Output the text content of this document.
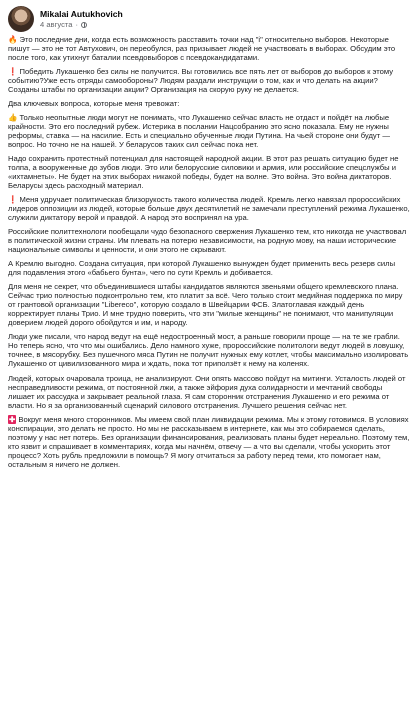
Mikalai Autukhovich
4 августа ·

🔥 Это последние дни, когда есть возможность расставить точки над "і" относительно выборов. Некоторые пишут — это не тот Автухович, он переобулся, раз призывает людей не участвовать в выборах. Обсудим это после того, как утихнут баталии псевдовыборов с псевдокандидатами.

❗ Победить Лукашенко без силы не получится. Вы готовились все пять лет от выборов до выборов к этому событию?Уже есть отряды самообороны? Людям раздали инструкции о том, как и что делать на акции? Созданы штабы по организации акции? Организация на скорую руку не делается.

Два ключевых вопроса, которые меня тревожат:

👍 Только неопытные люди могут не понимать, что Лукашенко сейчас власть не отдаст и пойдёт на любые крайности. Это его последний рубеж. Истерика в послании Нацсобранию это ясно показала. Ему не нужны реформы, ставка — на насилие. Есть и специально обученные люди Путина. На чьей стороне они будут — вопрос. Но точно не на нашей. У беларусов таких сил сейчас пока нет.

Надо сохранить протестный потенциал для настоящей народной акции. В этот раз решать ситуацию будет не толпа, а вооруженные до зубов люди. Это или белорусские силовики и армия, или российские спецслужбы и «ихтамнеты». Не будет на этих выборах никакой победы, будет на волне. Это война. Это война диктаторов. Беларусы здесь расходный материал.

❗ Меня удручает политическая близорукость такого количества людей. Кремль легко навязал пророссийских лидеров оппозиции из людей, которые больше двух десятилетий не замечали преступлений режима Лукашенко, служили диктатору верой и правдой. А народ это воспринял на ура.

Российские политтехнологи пообещали чудо безопасного свержения Лукашенко тем, кто никогда не участвовал в политической жизни страны. Им плевать на потерю независимости, на родную мову, на наши исторические национальные символы и ценности, и они этого не скрывают.

А Кремлю выгодно. Создана ситуация, при которой Лукашенко вынужден будет применить весь резерв силы для подавления этого «бабьего бунта», чего по сути Кремль и добивается.

Для меня не секрет, что объединившиеся штабы кандидатов являются звеньями общего кремлевского плана. Сейчас трио полностью подконтрольно тем, кто платит за всё. Чего только стоит медийная поддержка по миру от грантовой организации "Libereco", которую создало в Швейцарии ФСБ. Златоглавая каждый день корректирует планы Трио. И мне трудно поверить, что эти "милые женщины" не понимают, что манипуляции доверием людей дорого обойдутся и им, и народу.

Люди уже писали, что народ ведут на ещё недостроенный мост, а раньше говорили проще — на те же грабли. Но теперь ясно, что что мы ошибались. Дело намного хуже, пророссийские политологи ведут людей в ловушку, точнее, в мясорубку. Без пушечного мяса Путин не получит нужных ему котлет, чтобы максимально изолировать Лукашенко от цивилизованного мира и ждать, пока тот приползёт к нему на коленях.

Людей, которых очаровала троица, не анализируют. Они опять массово пойдут на митинги. Усталость людей от несправедливости режима, от постоянной лжи, а также эйфория духа солидарности и мечтаний свободы лишает их рассудка и закрывает реальной глаза. Я сам сторонник отстранения Лукашенко и его режима от власти. Но я за организованный сценарий силового отстранения. Лучшего решения сейчас нет.

✚ Вокруг меня много сторонников. Мы имеем свой план ликвидации режима. Мы к этому готовимся. В условиях конспирации, это делать не просто. Но мы не рассказываем в интернете, как мы это собираемся сделать, поэтому у нас нет потерь. Без организации финансирования, реализовать планы будет нереально. Поэтому тем, кто язвит и спрашивает в комментариях, когда мы начнём, отвечу — а что вы сделали, чтобы ускорить этот процесс? Хоть рубль предложили в помощь? Я могу отчитаться за работу перед теми, кто помогает нам, остальным я ничего не должен.
